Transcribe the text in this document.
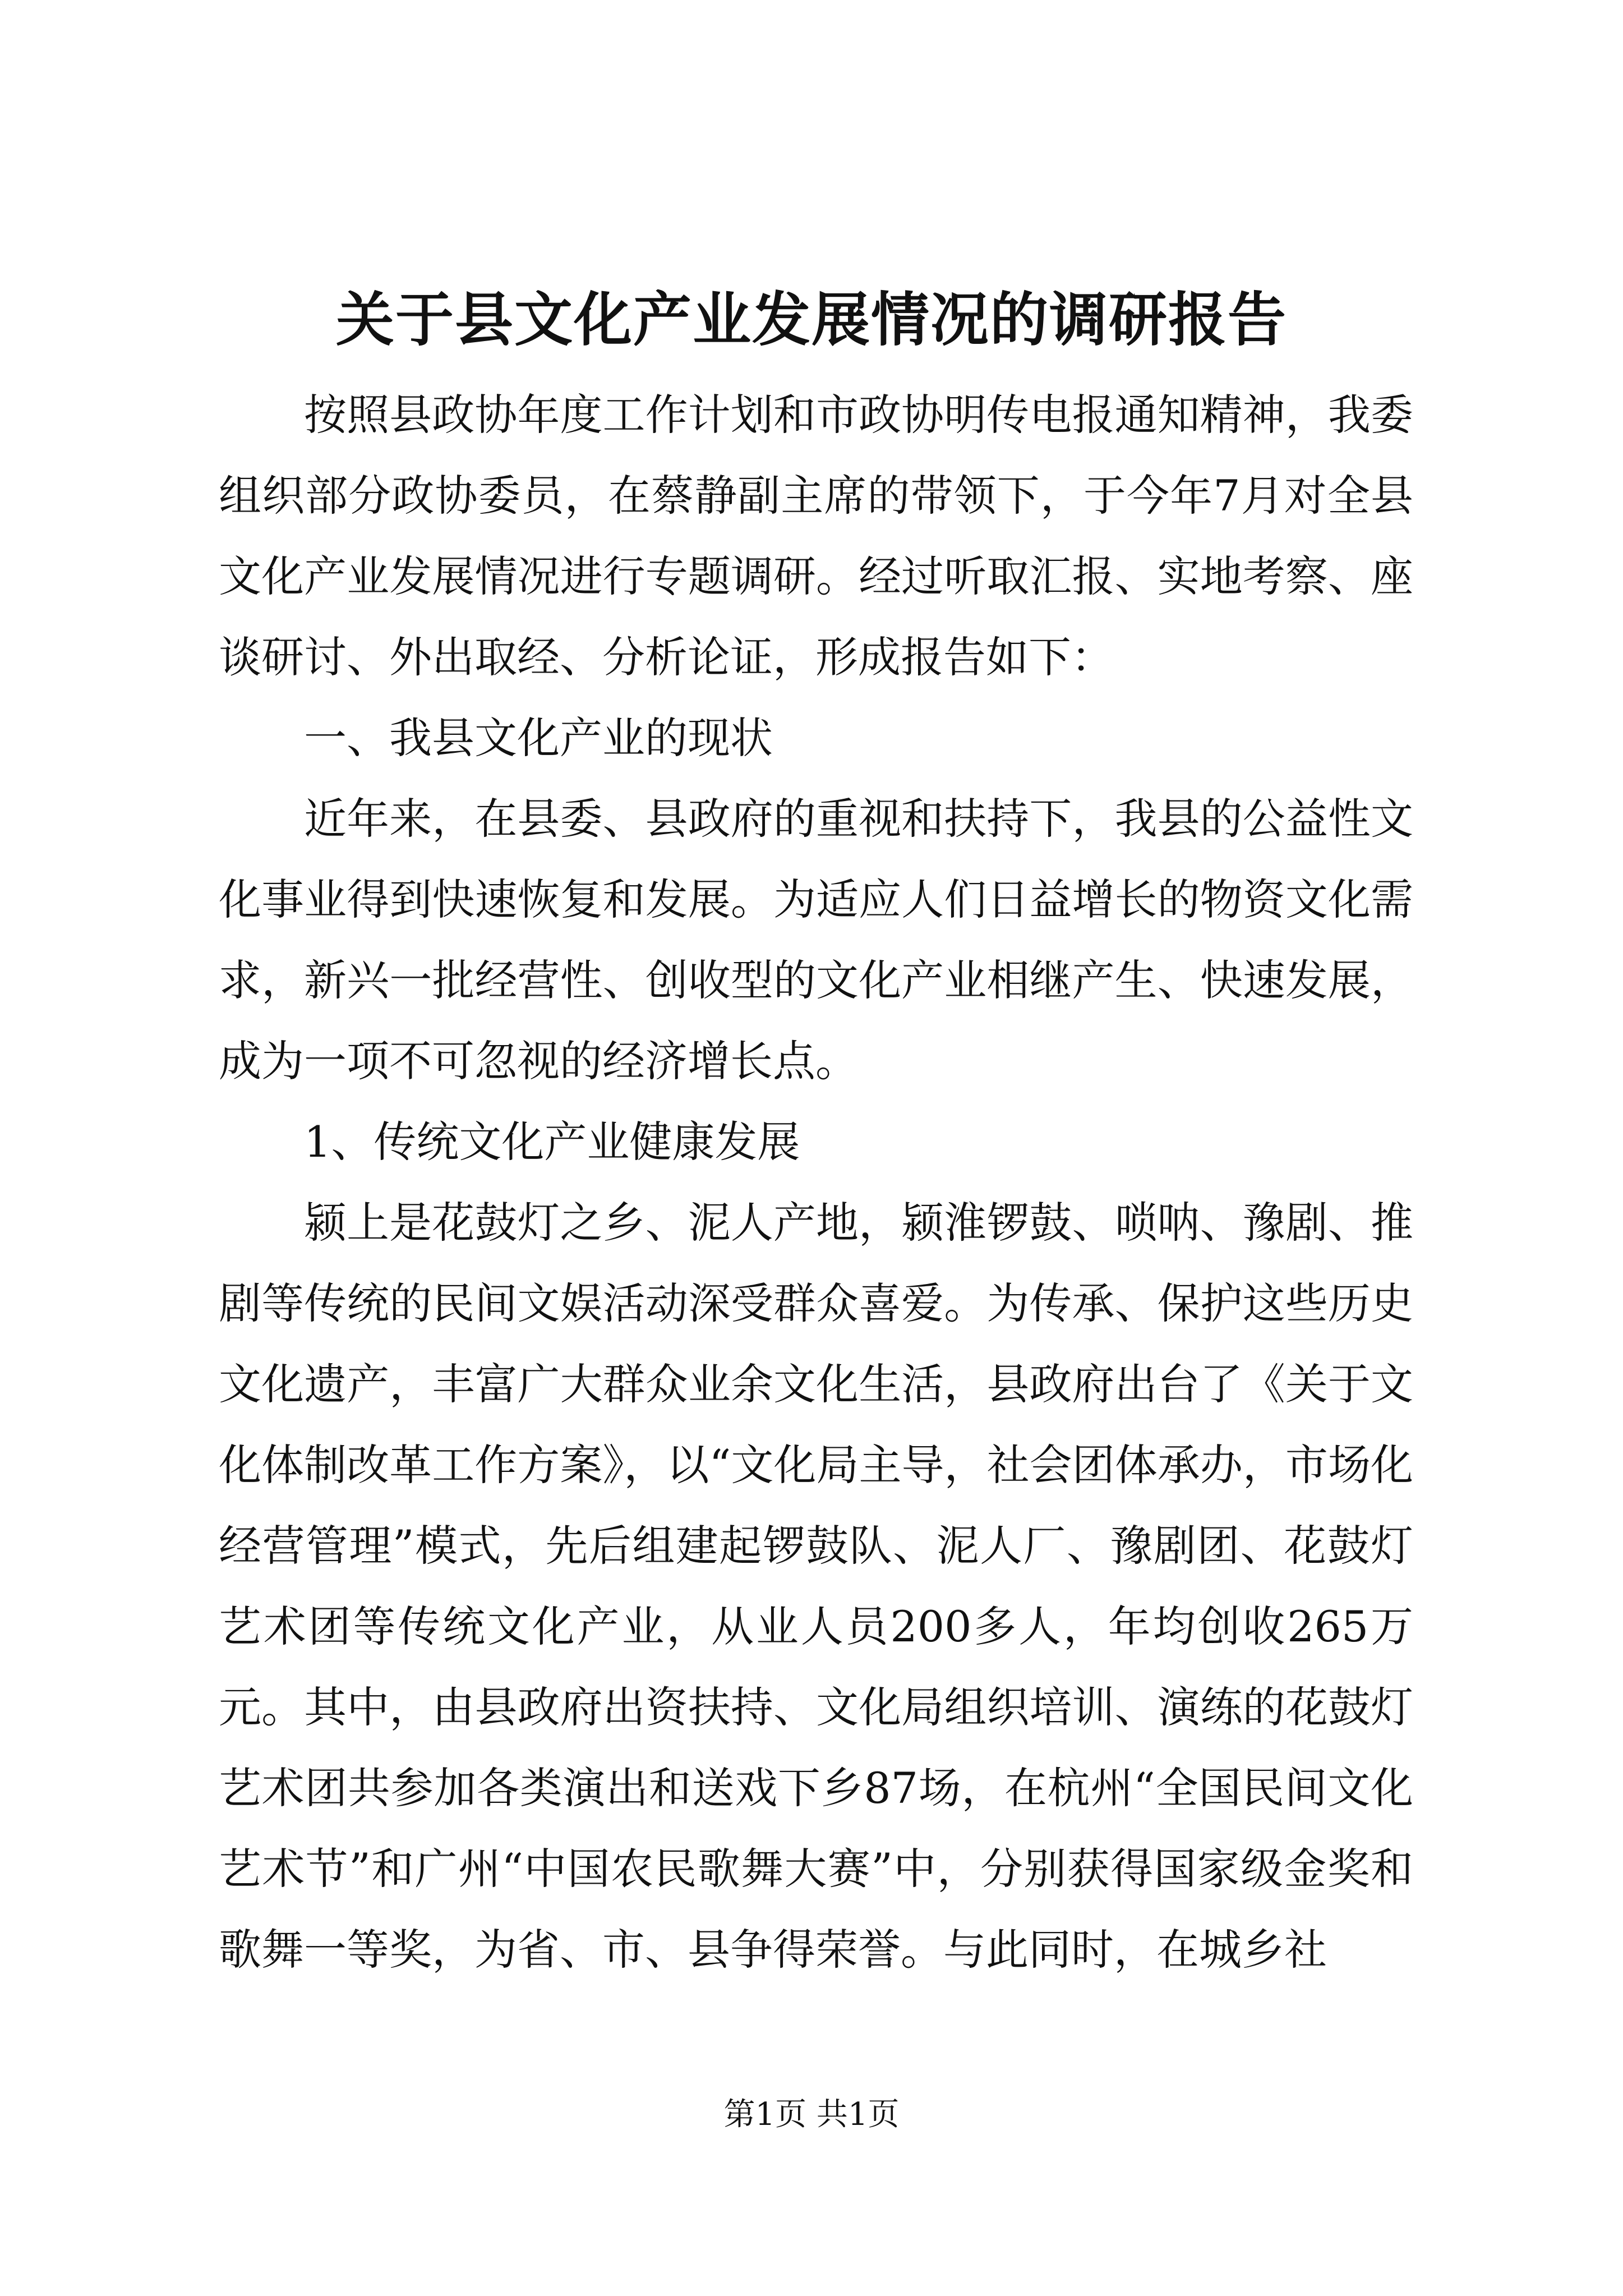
关于县文化产业发展情况的调研报告

按照县政协年度工作计划和市政协明传电报通知精神，我委组织部分政协委员，在蔡静副主席的带领下，于今年7月对全县文化产业发展情况进行专题调研。经过听取汇报、实地考察、座谈研讨、外出取经、分析论证，形成报告如下：

一、我县文化产业的现状

近年来，在县委、县政府的重视和扶持下，我县的公益性文化事业得到快速恢复和发展。为适应人们日益增长的物资文化需求，新兴一批经营性、创收型的文化产业相继产生、快速发展，成为一项不可忽视的经济增长点。

1、传统文化产业健康发展

颍上是花鼓灯之乡、泥人产地，颍淮锣鼓、唢呐、豫剧、推剧等传统的民间文娱活动深受群众喜爱。为传承、保护这些历史文化遗产，丰富广大群众业余文化生活，县政府出台了《关于文化体制改革工作方案》，以“文化局主导，社会团体承办，市场化经营管理”模式，先后组建起锣鼓队、泥人厂、豫剧团、花鼓灯艺术团等传统文化产业，从业人员200多人，年均创收265万元。其中，由县政府出资扶持、文化局组织培训、演练的花鼓灯艺术团共参加各类演出和送戏下乡87场，在杭州“全国民间文化艺术节”和广州“中国农民歌舞大赛”中，分别获得国家级金奖和歌舞一等奖，为省、市、县争得荣誉。与此同时，在城乡社

第1页 共1页
